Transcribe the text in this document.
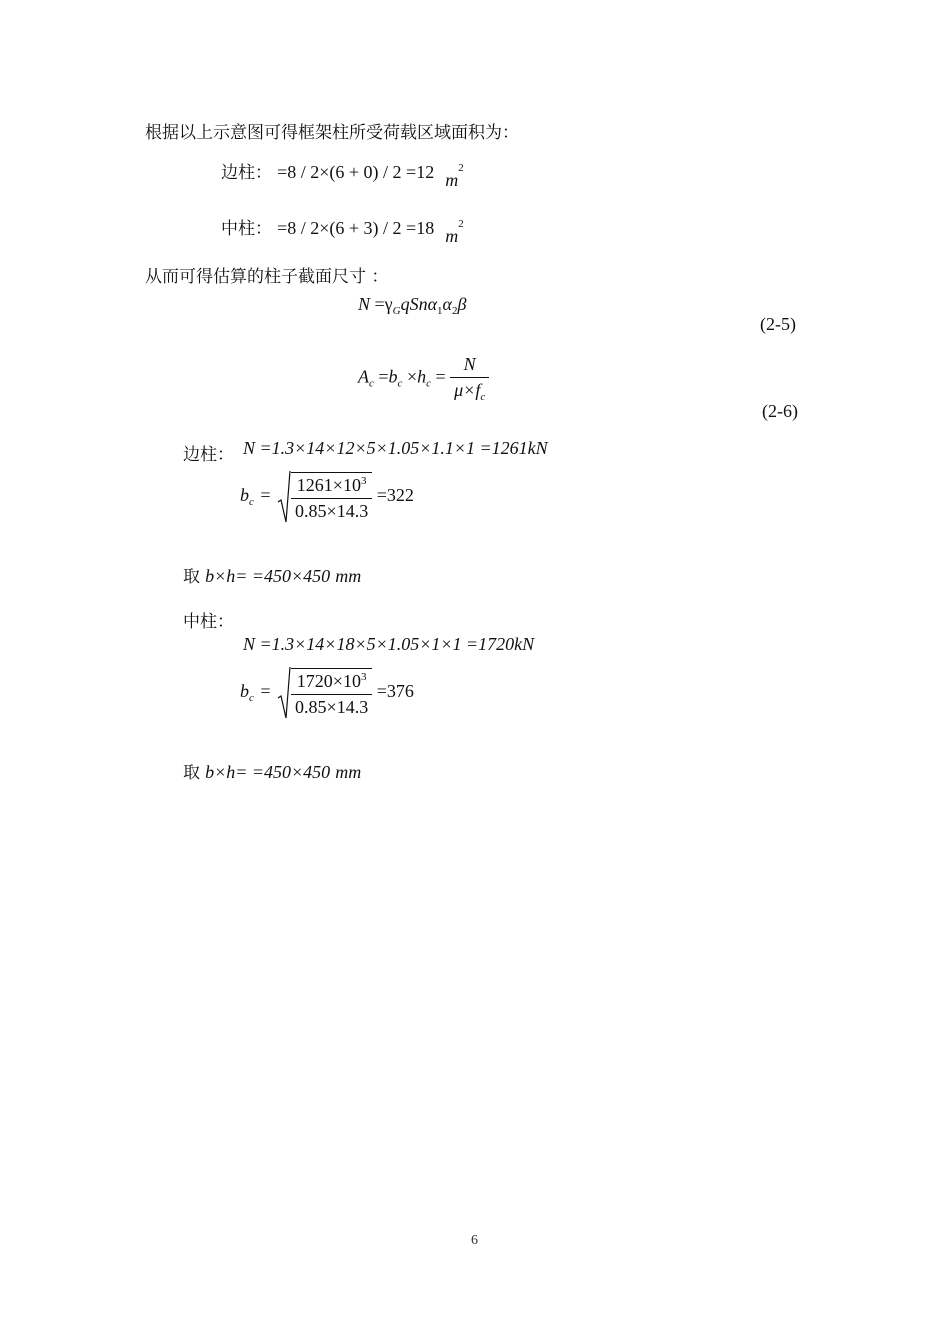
根据以上示意图可得框架柱所受荷载区域面积为：
边柱： =8 / 2×(6 + 0) / 2 =12 $m^2$
中柱： =8 / 2×(6 + 3) / 2 =18 $m^2$
从而可得估算的柱子截面尺寸 ：
$N =\gamma_GqSn\alpha_1\alpha_2\beta$
(2-5)
$A_c =b_c \times h_c = \frac{N}{\mu\times f_c}$
(2-6)
边柱： N =1.3×14×12×5×1.05×1.1×1 =1261kN
$b_c = \frac{1261\times 10^3}{0.85\times 14.3} =322$
取 b×h= =450×450 mm
中柱：
N =1.3×14×18×5×1.05×1×1 =1720kN
$b_c = \frac{1720\times 10^3}{0.85\times 14.3} =376$
取 b×h= =450×450 mm
6
